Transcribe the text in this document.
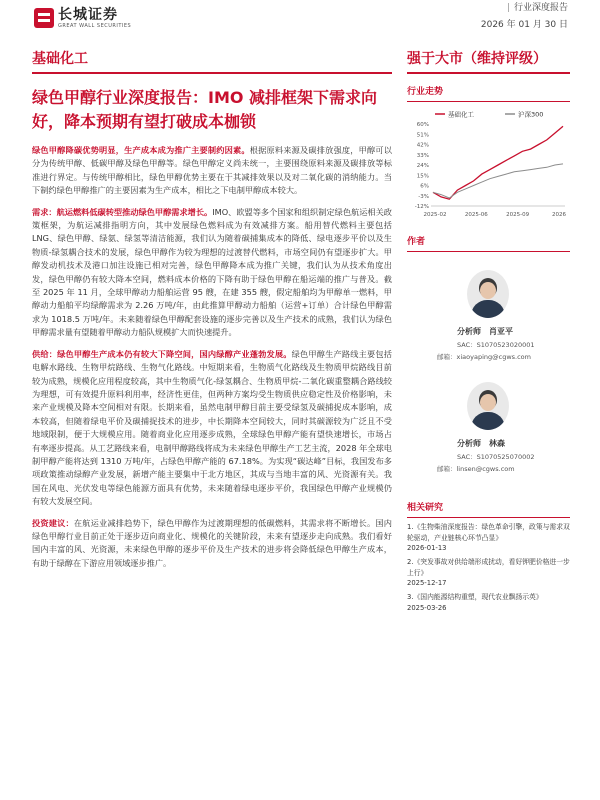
长城证券
GREAT WALL SECURITIES
| 行业深度报告
2026 年 01 月 30 日
基础化工	强于大市（维持评级）
绿色甲醇行业深度报告：IMO 减排框架下需求向好，降本预期有望打破成本枷锁

绿色甲醇降碳优势明显，生产成本成为推广主要制约因素。根据原料来源及碳排放强度，甲醇可以分为传统甲醇、低碳甲醇及绿色甲醇等。绿色甲醇定义尚未统一，主要围绕原料来源及碳排放等标准进行界定。与传统甲醇相比，绿色甲醇优势主要在于其减排效果以及对二氧化碳的消纳能力。当下制约绿色甲醇推广的主要因素为生产成本，相比之下电制甲醇成本较大。

需求：航运燃料低碳转型推动绿色甲醇需求增长。IMO、欧盟等多个国家和组织制定绿色航运相关政策框架，为航运减排指明方向，其中发展绿色燃料成为有效减排方案。船用替代燃料主要包括 LNG、绿色甲醇、绿氨、绿氢等清洁能源，我们认为随着碳捕集成本的降低、绿电逐步平价以及生物质-绿氢耦合技术的发展，绿色甲醇作为较为理想的过渡替代燃料，市场空间仍有望逐步扩大。甲醇发动机技术及港口加注设施已相对完善，绿色甲醇降本成为推广关键，我们认为从技术角度出发，绿色甲醇仍有较大降本空间，燃料成本价格的下降有助于绿色甲醇在船运端的推广与普及。截至 2025 年 11 月，全球甲醇动力船舶运营 95 艘，在建 355 艘，假定船舶均为甲醇单一燃料，甲醇动力船舶平均绿醇需求为 2.26 万吨/年，由此推算甲醇动力船舶（运营+订单）合计绿色甲醇需求为 1018.5 万吨/年。未来随着绿色甲醇配套设施的逐步完善以及生产技术的成熟，我们认为绿色甲醇需求量有望随着甲醇动力船队规模扩大而快速提升。

供给：绿色甲醇生产成本仍有较大下降空间，国内绿醇产业蓬勃发展。绿色甲醇生产路线主要包括电解水路线、生物甲烷路线、生物气化路线。中短期来看，生物质气化路线及生物质甲烷路线目前较为成熟，规模化应用程度较高，其中生物质气化-绿氢耦合、生物质甲烷-二氧化碳重整耦合路线较为理想，可有效提升原料利用率，经济性更佳，但两种方案均受生物质供应稳定性及价格影响，未来产业规模及降本空间相对有限。长期来看，虽然电制甲醇目前主要受绿氢及碳捕捉成本影响，成本较高，但随着绿电平价及碳捕捉技术的进步，中长期降本空间较大，同时其碳源较为广泛且不受地域限制，便于大规模应用。随着商业化应用逐步成熟，全球绿色甲醇产能有望快速增长，市场占有率逐步提高。从工艺路线来看，电制甲醇路线将成为未来绿色甲醇生产工艺主流，2028 年全球电制甲醇产能将达到 1310 万吨/年，占绿色甲醇产能的 67.18%。为实现“碳达峰”目标，我国发布多项政策推动绿醇产业发展，新增产能主要集中于北方地区，其成与当地丰富的风、光资源有关。我国在风电、光伏发电等绿色能源方面具有优势，未来随着绿电逐步平价，我国绿色甲醇产业规模仍有较大发展空间。

投资建议：在航运业减排趋势下，绿色甲醇作为过渡期理想的低碳燃料，其需求将不断增长。国内绿色甲醇行业目前正处于逐步迈向商业化、规模化的关键阶段，未来有望逐步走向成熟。我们看好国内丰富的风、光资源，未来绿色甲醇的逐步平价及生产技术的进步将会降低绿色甲醇生产成本，有助于绿醇在下游应用领域逐步推广。

行业走势
基础化工	沪深300
60%
51%
42%
33%
24%
15%
6%
-3%
-12%
2025-02	2025-06	2025-09	2026
作者
分析师 肖亚平
SAC：S1070523020001
邮箱：xiaoyaping@cgws.com
分析师 林森
SAC：S1070525070002
邮箱：linsen@cgws.com
相关研究
1.《生物柴油深度报告：绿色革命引擎，政策与需求双轮驱动，产业链核心环节凸显》
2026-01-13
2.《突发事故对供给端形成扰动，看好钾肥价格进一步上行》
2025-12-17
3.《国内能源结构重塑，现代农业飘扬示英》
2025-03-26
